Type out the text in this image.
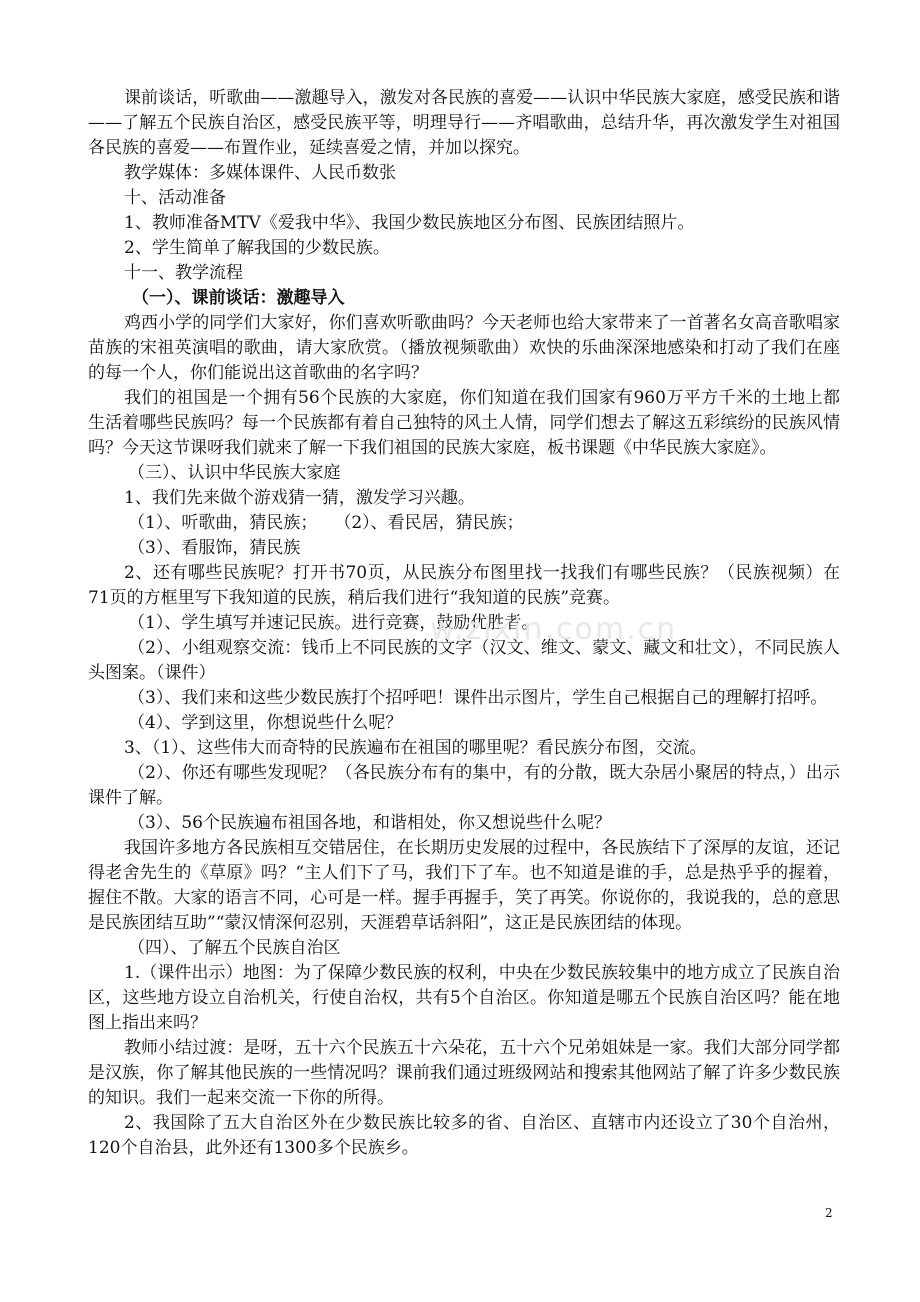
课前谈话，听歌曲——激趣导入，激发对各民族的喜爱——认识中华民族大家庭，感受民族和谐——了解五个民族自治区，感受民族平等，明理导行——齐唱歌曲，总结升华，再次激发学生对祖国各民族的喜爱——布置作业，延续喜爱之情，并加以探究。

教学媒体：多媒体课件、人民币数张

十、活动准备

1、教师准备MTV《爱我中华》、我国少数民族地区分布图、民族团结照片。

2、学生简单了解我国的少数民族。

十一、教学流程

（一）、课前谈话：激趣导入

鸡西小学的同学们大家好，你们喜欢听歌曲吗？今天老师也给大家带来了一首著名女高音歌唱家苗族的宋祖英演唱的歌曲，请大家欣赏。（播放视频歌曲）欢快的乐曲深深地感染和打动了我们在座的每一个人，你们能说出这首歌曲的名字吗？

我们的祖国是一个拥有56个民族的大家庭，你们知道在我们国家有960万平方千米的土地上都生活着哪些民族吗？每一个民族都有着自己独特的风土人情，同学们想去了解这五彩缤纷的民族风情吗？今天这节课呀我们就来了解一下我们祖国的民族大家庭，板书课题《中华民族大家庭》。

（三）、认识中华民族大家庭

1、我们先来做个游戏猜一猜，激发学习兴趣。

（1）、听歌曲，猜民族；　　（2）、看民居，猜民族；

（3）、看服饰，猜民族

2、还有哪些民族呢？打开书70页，从民族分布图里找一找我们有哪些民族？（民族视频）在71页的方框里写下我知道的民族，稍后我们进行“我知道的民族”竞赛。

（1）、学生填写并速记民族。进行竞赛，鼓励优胜者。

（2）、小组观察交流：钱币上不同民族的文字（汉文、维文、蒙文、藏文和壮文），不同民族人头图案。（课件）

（3）、我们来和这些少数民族打个招呼吧！课件出示图片，学生自己根据自己的理解打招呼。

（4）、学到这里，你想说些什么呢？

3、（1）、这些伟大而奇特的民族遍布在祖国的哪里呢？看民族分布图，交流。

（2）、你还有哪些发现呢？（各民族分布有的集中，有的分散，既大杂居小聚居的特点，）出示课件了解。

（3）、56个民族遍布祖国各地，和谐相处，你又想说些什么呢？

我国许多地方各民族相互交错居住，在长期历史发展的过程中，各民族结下了深厚的友谊，还记得老舍先生的《草原》吗？“主人们下了马，我们下了车。也不知道是谁的手，总是热乎乎的握着，握住不散。大家的语言不同，心可是一样。握手再握手，笑了再笑。你说你的，我说我的，总的意思是民族团结互助”“蒙汉情深何忍别，天涯碧草话斜阳”，这正是民族团结的体现。

（四）、了解五个民族自治区

1.（课件出示）地图：为了保障少数民族的权利，中央在少数民族较集中的地方成立了民族自治区，这些地方设立自治机关，行使自治权，共有5个自治区。你知道是哪五个民族自治区吗？能在地图上指出来吗？

教师小结过渡：是呀，五十六个民族五十六朵花，五十六个兄弟姐妹是一家。我们大部分同学都是汉族，你了解其他民族的一些情况吗？课前我们通过班级网站和搜索其他网站了解了许多少数民族的知识。我们一起来交流一下你的所得。

2、我国除了五大自治区外在少数民族比较多的省、自治区、直辖市内还设立了30个自治州，120个自治县，此外还有1300多个民族乡。

w.zixin.com.cn
2
